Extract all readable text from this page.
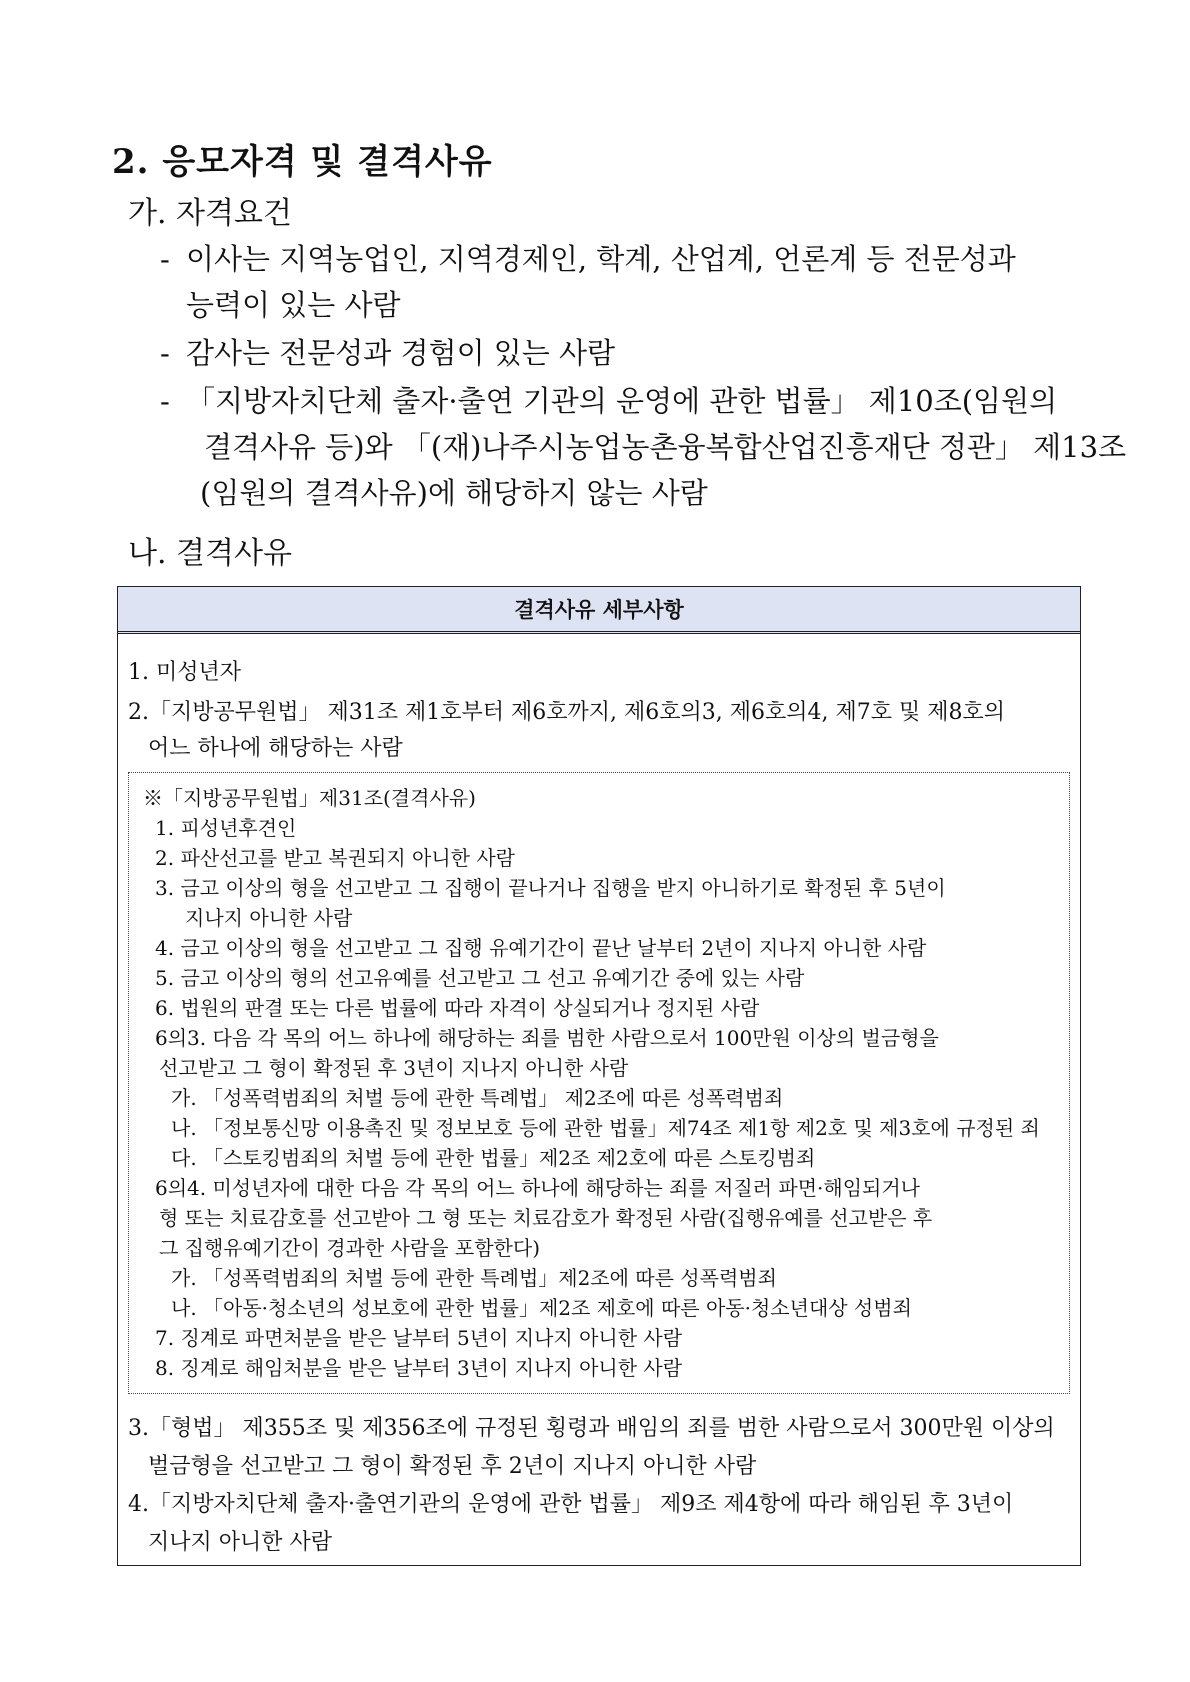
2. 응모자격 및 결격사유
가. 자격요건
- 이사는 지역농업인, 지역경제인, 학계, 산업계, 언론계 등 전문성과
능력이 있는 사람
- 감사는 전문성과 경험이 있는 사람
- 「지방자치단체 출자·출연 기관의 운영에 관한 법률」 제10조(임원의
결격사유 등)와 「(재)나주시농업농촌융복합산업진흥재단 정관」 제13조
(임원의 결격사유)에 해당하지 않는 사람
나. 결격사유
결격사유 세부사항
1. 미성년자
2.「지방공무원법」 제31조 제1호부터 제6호까지, 제6호의3, 제6호의4, 제7호 및 제8호의
어느 하나에 해당하는 사람
※「지방공무원법」제31조(결격사유)
1. 피성년후견인
2. 파산선고를 받고 복권되지 아니한 사람
3. 금고 이상의 형을 선고받고 그 집행이 끝나거나 집행을 받지 아니하기로 확정된 후 5년이
지나지 아니한 사람
4. 금고 이상의 형을 선고받고 그 집행 유예기간이 끝난 날부터 2년이 지나지 아니한 사람
5. 금고 이상의 형의 선고유예를 선고받고 그 선고 유예기간 중에 있는 사람
6. 법원의 판결 또는 다른 법률에 따라 자격이 상실되거나 정지된 사람
6의3. 다음 각 목의 어느 하나에 해당하는 죄를 범한 사람으로서 100만원 이상의 벌금형을
선고받고 그 형이 확정된 후 3년이 지나지 아니한 사람
가. 「성폭력범죄의 처벌 등에 관한 특례법」 제2조에 따른 성폭력범죄
나. 「정보통신망 이용촉진 및 정보보호 등에 관한 법률」제74조 제1항 제2호 및 제3호에 규정된 죄
다. 「스토킹범죄의 처벌 등에 관한 법률」제2조 제2호에 따른 스토킹범죄
6의4. 미성년자에 대한 다음 각 목의 어느 하나에 해당하는 죄를 저질러 파면·해임되거나
형 또는 치료감호를 선고받아 그 형 또는 치료감호가 확정된 사람(집행유예를 선고받은 후
그 집행유예기간이 경과한 사람을 포함한다)
가. 「성폭력범죄의 처벌 등에 관한 특례법」제2조에 따른 성폭력범죄
나. 「아동·청소년의 성보호에 관한 법률」제2조 제호에 따른 아동·청소년대상 성범죄
7. 징계로 파면처분을 받은 날부터 5년이 지나지 아니한 사람
8. 징계로 해임처분을 받은 날부터 3년이 지나지 아니한 사람
3.「형법」 제355조 및 제356조에 규정된 횡령과 배임의 죄를 범한 사람으로서 300만원 이상의
벌금형을 선고받고 그 형이 확정된 후 2년이 지나지 아니한 사람
4.「지방자치단체 출자·출연기관의 운영에 관한 법률」 제9조 제4항에 따라 해임된 후 3년이
지나지 아니한 사람
